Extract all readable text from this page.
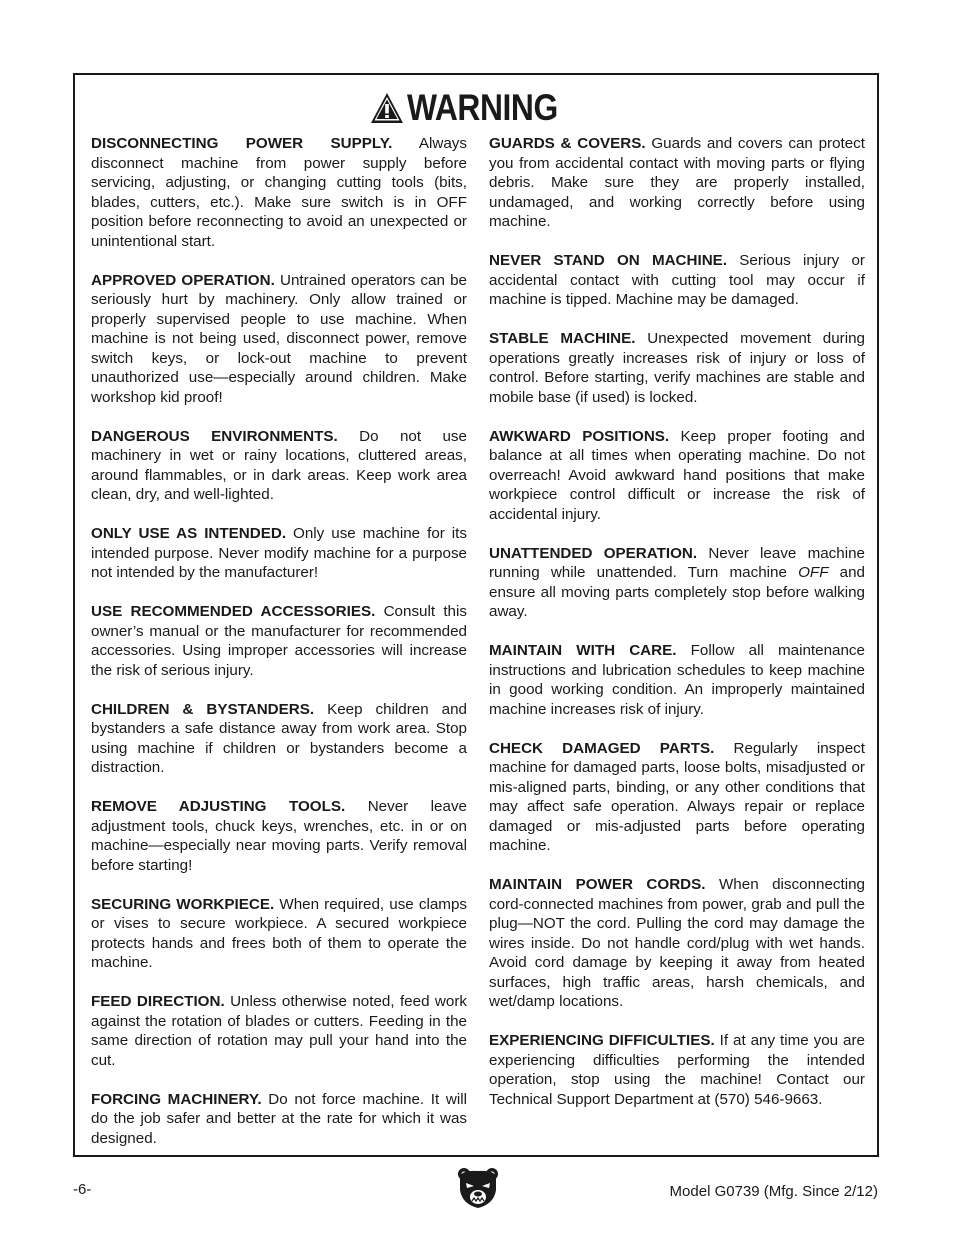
WARNING

DISCONNECTING POWER SUPPLY. Always disconnect machine from power supply before servicing, adjusting, or changing cutting tools (bits, blades, cutters, etc.). Make sure switch is in OFF position before reconnecting to avoid an unexpected or unintentional start.

APPROVED OPERATION. Untrained operators can be seriously hurt by machinery. Only allow trained or properly supervised people to use machine. When machine is not being used, disconnect power, remove switch keys, or lock-out machine to prevent unauthorized use—especially around children. Make workshop kid proof!

DANGEROUS ENVIRONMENTS. Do not use machinery in wet or rainy locations, cluttered areas, around flammables, or in dark areas. Keep work area clean, dry, and well-lighted.

ONLY USE AS INTENDED. Only use machine for its intended purpose. Never modify machine for a purpose not intended by the manufacturer!

USE RECOMMENDED ACCESSORIES. Consult this owner’s manual or the manufacturer for recommended accessories. Using improper accessories will increase the risk of serious injury.

CHILDREN & BYSTANDERS. Keep children and bystanders a safe distance away from work area. Stop using machine if children or bystanders become a distraction.

REMOVE ADJUSTING TOOLS. Never leave adjustment tools, chuck keys, wrenches, etc. in or on machine—especially near moving parts. Verify removal before starting!

SECURING WORKPIECE. When required, use clamps or vises to secure workpiece. A secured workpiece protects hands and frees both of them to operate the machine.

FEED DIRECTION. Unless otherwise noted, feed work against the rotation of blades or cutters. Feeding in the same direction of rotation may pull your hand into the cut.

FORCING MACHINERY. Do not force machine. It will do the job safer and better at the rate for which it was designed.

GUARDS & COVERS. Guards and covers can protect you from accidental contact with moving parts or flying debris. Make sure they are properly installed, undamaged, and working correctly before using machine.

NEVER STAND ON MACHINE. Serious injury or accidental contact with cutting tool may occur if machine is tipped. Machine may be damaged.

STABLE MACHINE. Unexpected movement during operations greatly increases risk of injury or loss of control. Before starting, verify machines are stable and mobile base (if used) is locked.

AWKWARD POSITIONS. Keep proper footing and balance at all times when operating machine. Do not overreach! Avoid awkward hand positions that make workpiece control difficult or increase the risk of accidental injury.

UNATTENDED OPERATION. Never leave machine running while unattended. Turn machine OFF and ensure all moving parts completely stop before walking away.

MAINTAIN WITH CARE. Follow all maintenance instructions and lubrication schedules to keep machine in good working condition. An improperly maintained machine increases risk of injury.

CHECK DAMAGED PARTS. Regularly inspect machine for damaged parts, loose bolts, misadjusted or mis-aligned parts, binding, or any other conditions that may affect safe operation. Always repair or replace damaged or mis-adjusted parts before operating machine.

MAINTAIN POWER CORDS. When disconnecting cord-connected machines from power, grab and pull the plug—NOT the cord. Pulling the cord may damage the wires inside. Do not handle cord/plug with wet hands. Avoid cord damage by keeping it away from heated surfaces, high traffic areas, harsh chemicals, and wet/damp locations.

EXPERIENCING DIFFICULTIES. If at any time you are experiencing difficulties performing the intended operation, stop using the machine! Contact our Technical Support Department at (570) 546-9663.

-6-	Model G0739 (Mfg. Since 2/12)
